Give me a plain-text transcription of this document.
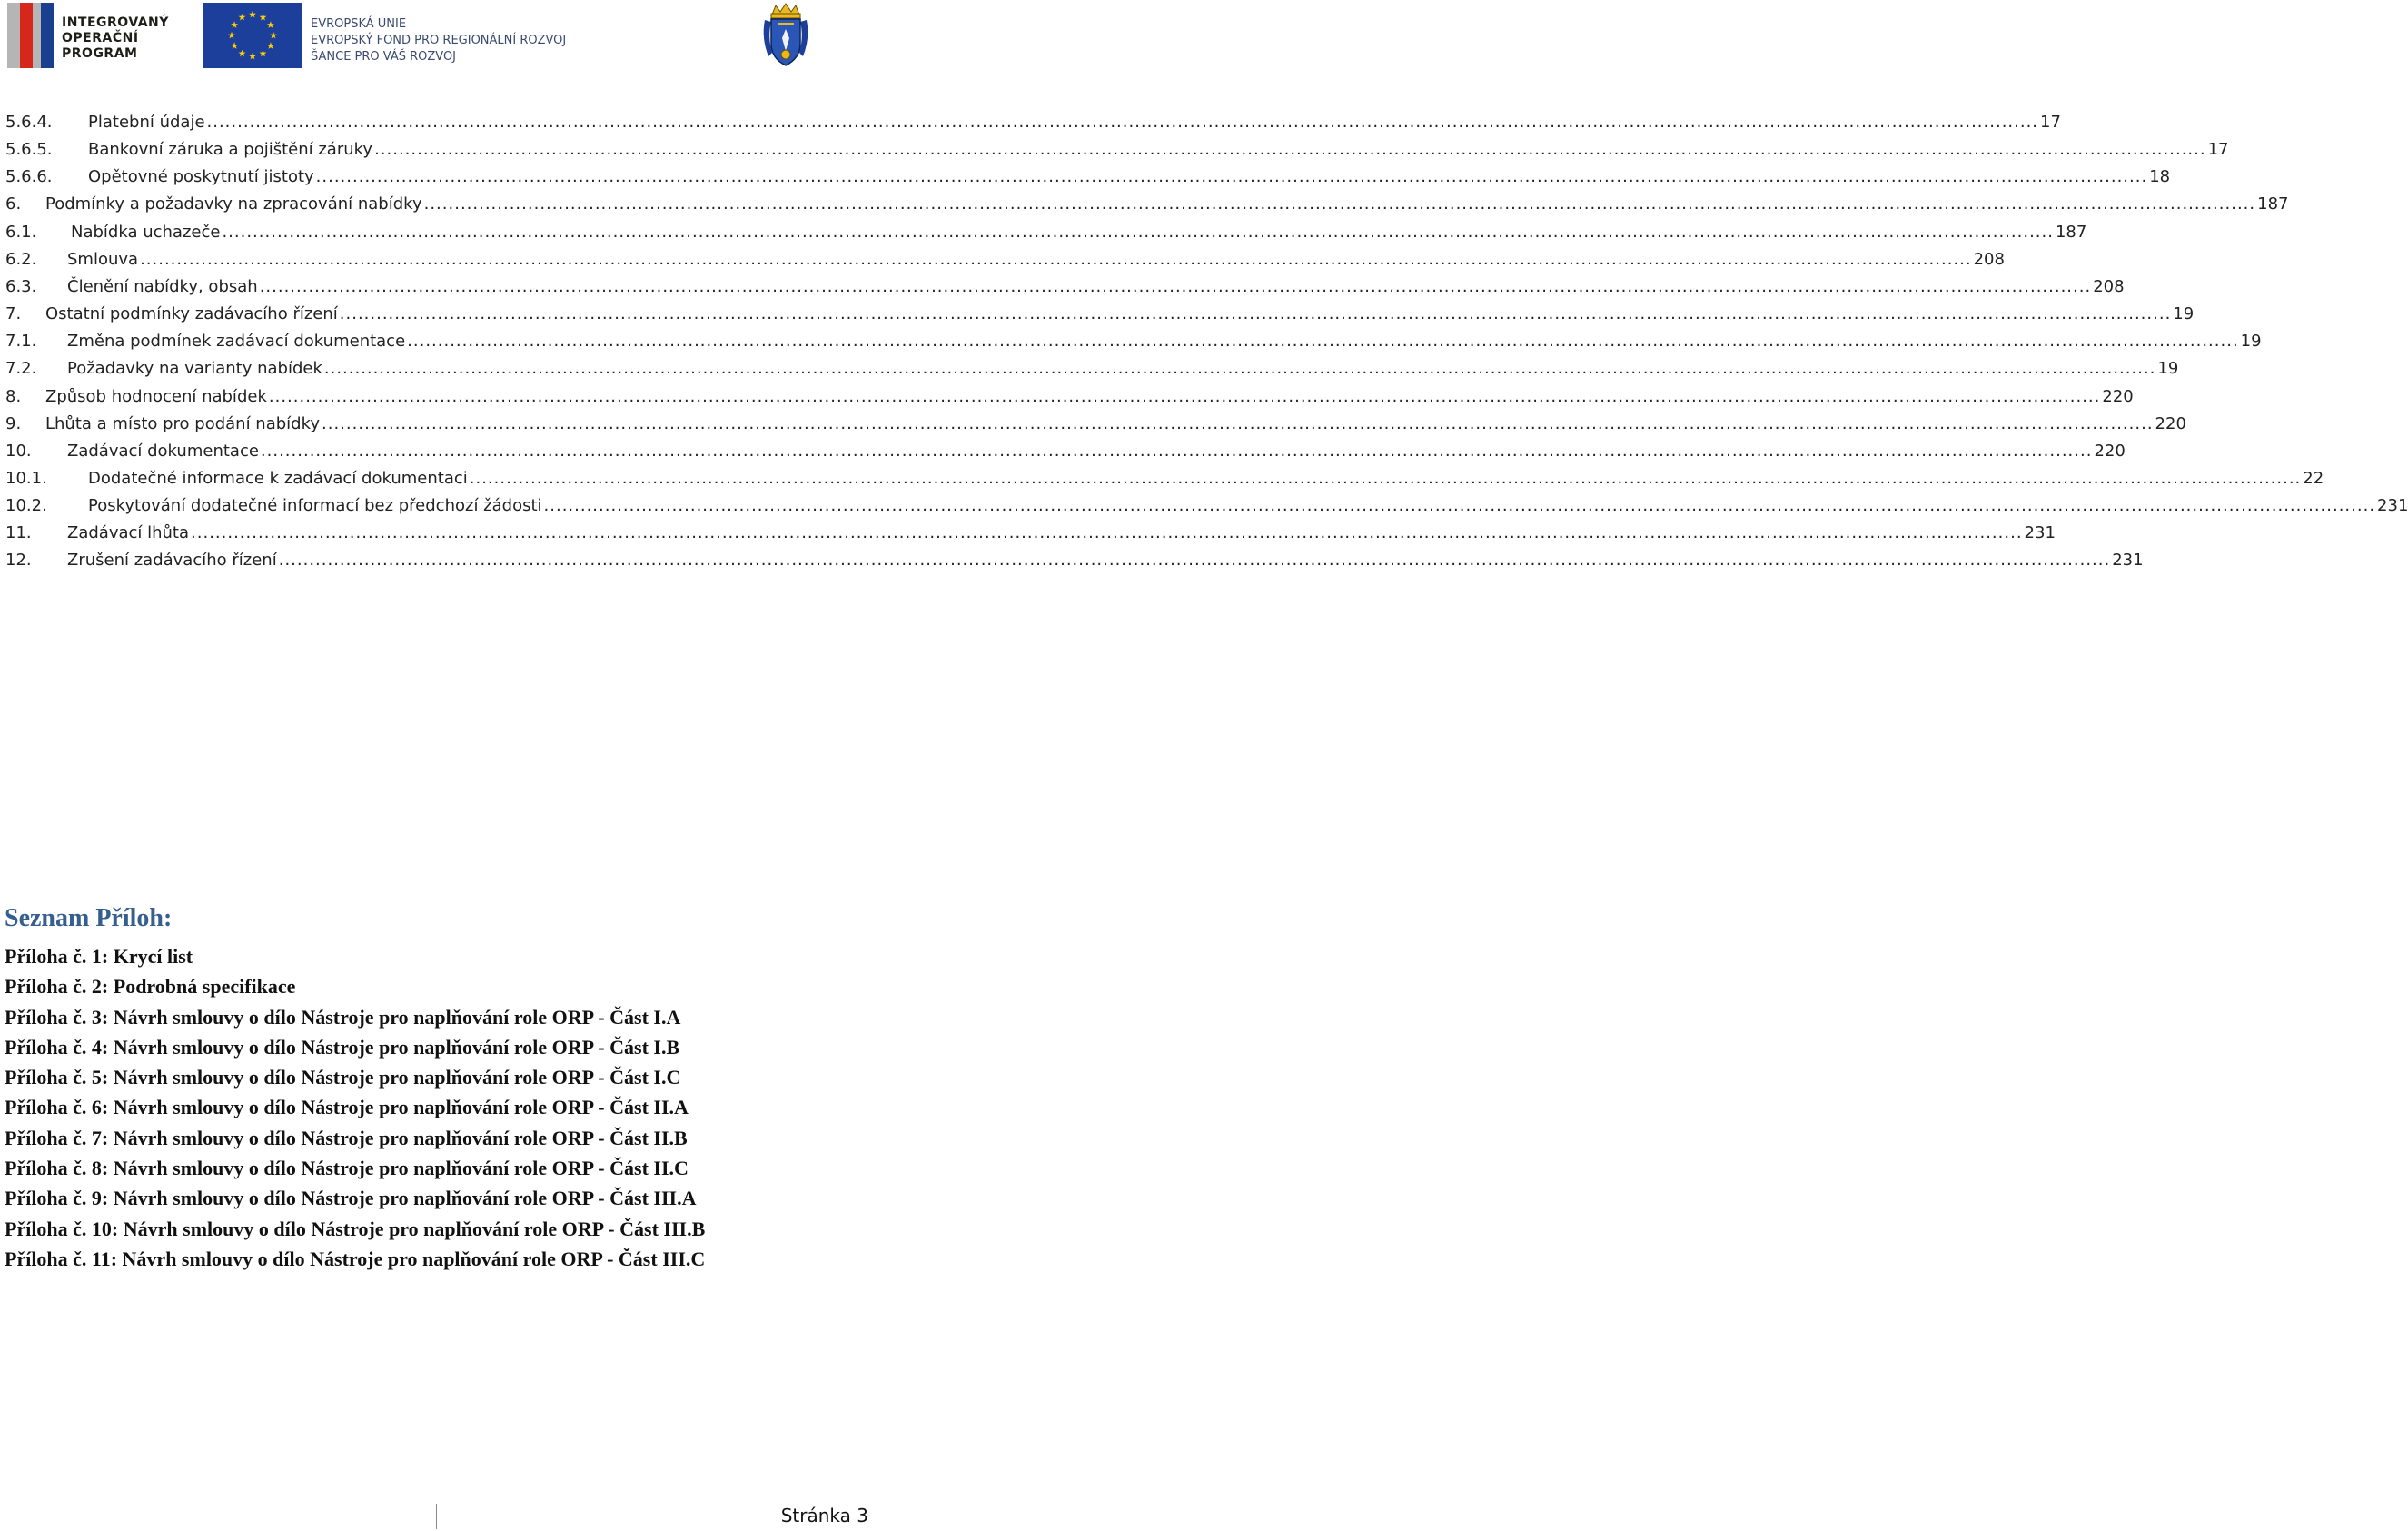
INTEGROVANÝ
OPERAČNÍ
PROGRAM
EVROPSKÁ UNIE
EVROPSKÝ FOND PRO REGIONÁLNÍ ROZVOJ
ŠANCE PRO VÁŠ ROZVOJ
5.6.4. Platební údaje ............................................................................................................................................................................................................................................................................................................ 17
5.6.5. Bankovní záruka a pojištění záruky ............................................................................................................................................................................................................................................................................................................ 17
5.6.6. Opětovné poskytnutí jistoty ............................................................................................................................................................................................................................................................................................................ 18
6. Podmínky a požadavky na zpracování nabídky ............................................................................................................................................................................................................................................................................................................ 187
6.1. Nabídka uchazeče ............................................................................................................................................................................................................................................................................................................ 187
6.2. Smlouva ............................................................................................................................................................................................................................................................................................................ 208
6.3. Členění nabídky, obsah ............................................................................................................................................................................................................................................................................................................ 208
7. Ostatní podmínky zadávacího řízení ............................................................................................................................................................................................................................................................................................................ 19
7.1. Změna podmínek zadávací dokumentace ............................................................................................................................................................................................................................................................................................................ 19
7.2. Požadavky na varianty nabídek ............................................................................................................................................................................................................................................................................................................ 19
8. Způsob hodnocení nabídek ............................................................................................................................................................................................................................................................................................................ 220
9. Lhůta a místo pro podání nabídky ............................................................................................................................................................................................................................................................................................................ 220
10. Zadávací dokumentace ............................................................................................................................................................................................................................................................................................................ 220
10.1.	Dodatečné informace k zadávací dokumentaci ............................................................................................................................................................................................................................................................................................................ 22
10.2.	Poskytování dodatečné informací bez předchozí žádosti ............................................................................................................................................................................................................................................................................................................ 231
11. Zadávací lhůta ............................................................................................................................................................................................................................................................................................................ 231
12. Zrušení zadávacího řízení ............................................................................................................................................................................................................................................................................................................ 231
Seznam Příloh:
Příloha č. 1: Krycí list
Příloha č. 2: Podrobná specifikace
Příloha č. 3: Návrh smlouvy o dílo Nástroje pro naplňování role ORP - Část I.A
Příloha č. 4: Návrh smlouvy o dílo Nástroje pro naplňování role ORP - Část I.B
Příloha č. 5: Návrh smlouvy o dílo Nástroje pro naplňování role ORP - Část I.C
Příloha č. 6: Návrh smlouvy o dílo Nástroje pro naplňování role ORP - Část II.A
Příloha č. 7: Návrh smlouvy o dílo Nástroje pro naplňování role ORP - Část II.B
Příloha č. 8: Návrh smlouvy o dílo Nástroje pro naplňování role ORP - Část II.C
Příloha č. 9: Návrh smlouvy o dílo Nástroje pro naplňování role ORP - Část III.A
Příloha č. 10: Návrh smlouvy o dílo Nástroje pro naplňování role ORP - Část III.B
Příloha č. 11: Návrh smlouvy o dílo Nástroje pro naplňování role ORP - Část III.C
Stránka 3
